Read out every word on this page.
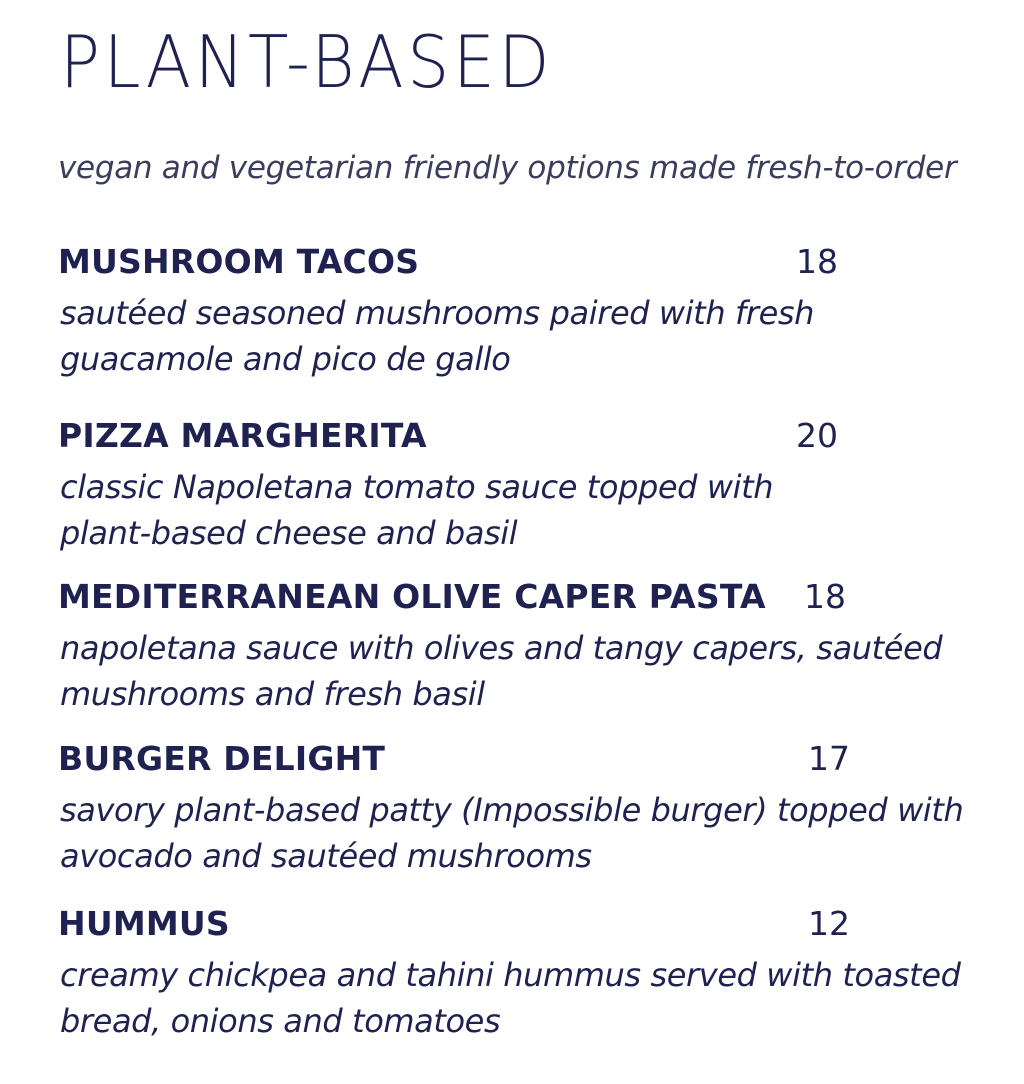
PLANT-BASED

vegan and vegetarian friendly options made fresh-to-order

MUSHROOM TACOS	18
sautéed seasoned mushrooms paired with fresh
guacamole and pico de gallo
PIZZA MARGHERITA	20
classic Napoletana tomato sauce topped with
plant-based cheese and basil
MEDITERRANEAN OLIVE CAPER PASTA 18
napoletana sauce with olives and tangy capers, sautéed
mushrooms and fresh basil
BURGER DELIGHT	17
savory plant-based patty (Impossible burger) topped with
avocado and sautéed mushrooms
HUMMUS	12
creamy chickpea and tahini hummus served with toasted
bread, onions and tomatoes
